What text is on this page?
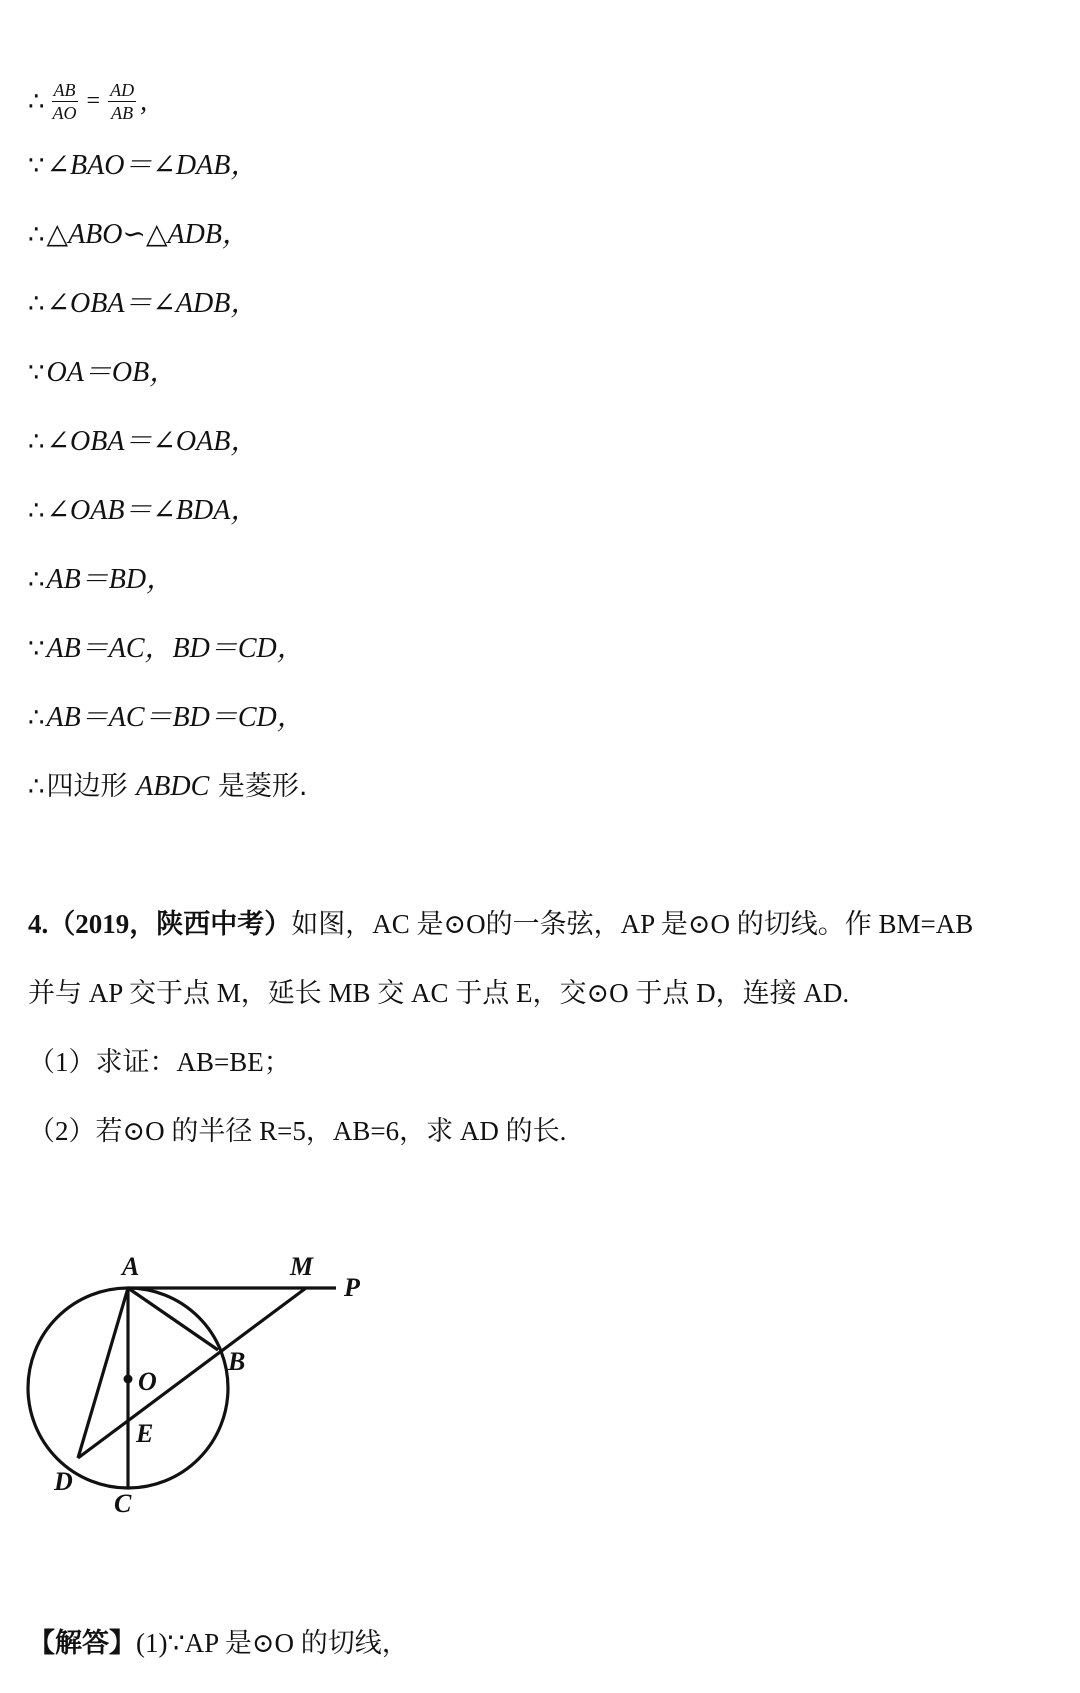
∴ $\frac{AB}{AO} = \frac{AD}{AB}$ ,
∵∠BAO＝∠DAB，
∴△ABO∽△ADB，
∴∠OBA＝∠ADB，
∵OA＝OB，
∴∠OBA＝∠OAB，
∴∠OAB＝∠BDA，
∴AB＝BD，
∵AB＝AC，BD＝CD，
∴AB＝AC＝BD＝CD，
∴四边形 ABDC 是菱形.
4.（2019，陕西中考）如图，AC 是⊙O的一条弦，AP 是⊙O 的切线。作 BM=AB
并与 AP 交于点 M，延长 MB 交 AC 于点 E，交⊙O 于点 D，连接 AD.
（1）求证：AB=BE；
（2）若⊙O 的半径 R=5，AB=6，求 AD 的长.
A	M
P
B
O
E
D
C
【解答】(1)∵AP 是⊙O 的切线，
